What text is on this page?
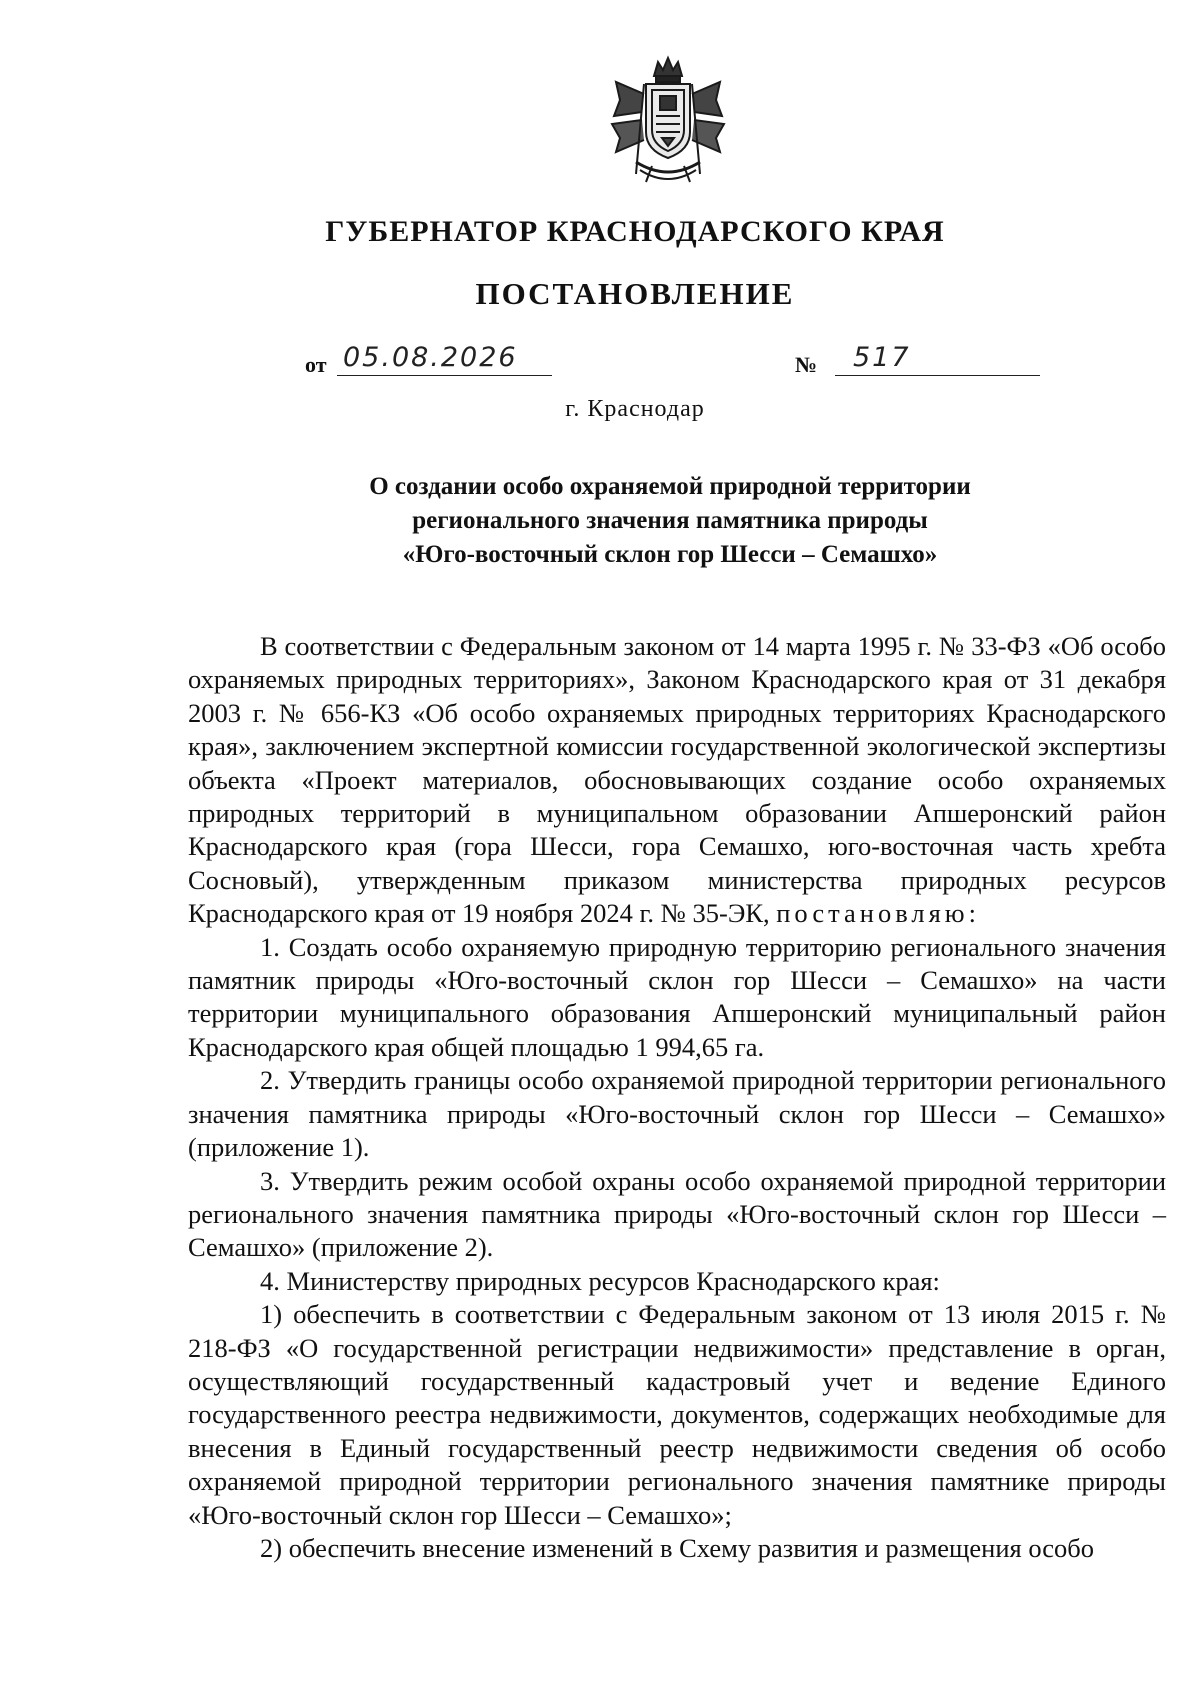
ГУБЕРНАТОР КРАСНОДАРСКОГО КРАЯ
ПОСТАНОВЛЕНИЕ
от 05.08.2026	№	517
г. Краснодар
О создании особо охраняемой природной территории
регионального значения памятника природы
«Юго-восточный склон гор Шесси – Семашхо»

В соответствии с Федеральным законом от 14 марта 1995 г. № 33-ФЗ «Об особо охраняемых природных территориях», Законом Краснодарского края от 31 декабря 2003 г. № 656-КЗ «Об особо охраняемых природных территориях Краснодарского края», заключением экспертной комиссии государственной экологической экспертизы объекта «Проект материалов, обосновывающих создание особо охраняемых природных территорий в муниципальном образовании Апшеронский район Краснодарского края (гора Шесси, гора Семашхо, юго-восточная часть хребта Сосновый), утвержденным приказом министерства природных ресурсов Краснодарского края от 19 ноября 2024 г. № 35-ЭК, постановляю:

1. Создать особо охраняемую природную территорию регионального значения памятник природы «Юго-восточный склон гор Шесси – Семашхо» на части территории муниципального образования Апшеронский муниципальный район Краснодарского края общей площадью 1 994,65 га.

2. Утвердить границы особо охраняемой природной территории регионального значения памятника природы «Юго-восточный склон гор Шесси – Семашхо» (приложение 1).

3. Утвердить режим особой охраны особо охраняемой природной территории регионального значения памятника природы «Юго-восточный склон гор Шесси – Семашхо» (приложение 2).

4. Министерству природных ресурсов Краснодарского края:

1) обеспечить в соответствии с Федеральным законом от 13 июля 2015 г. № 218-ФЗ «О государственной регистрации недвижимости» представление в орган, осуществляющий государственный кадастровый учет и ведение Единого государственного реестра недвижимости, документов, содержащих необходимые для внесения в Единый государственный реестр недвижимости сведения об особо охраняемой природной территории регионального значения памятнике природы «Юго-восточный склон гор Шесси – Семашхо»;

2) обеспечить внесение изменений в Схему развития и размещения особо
